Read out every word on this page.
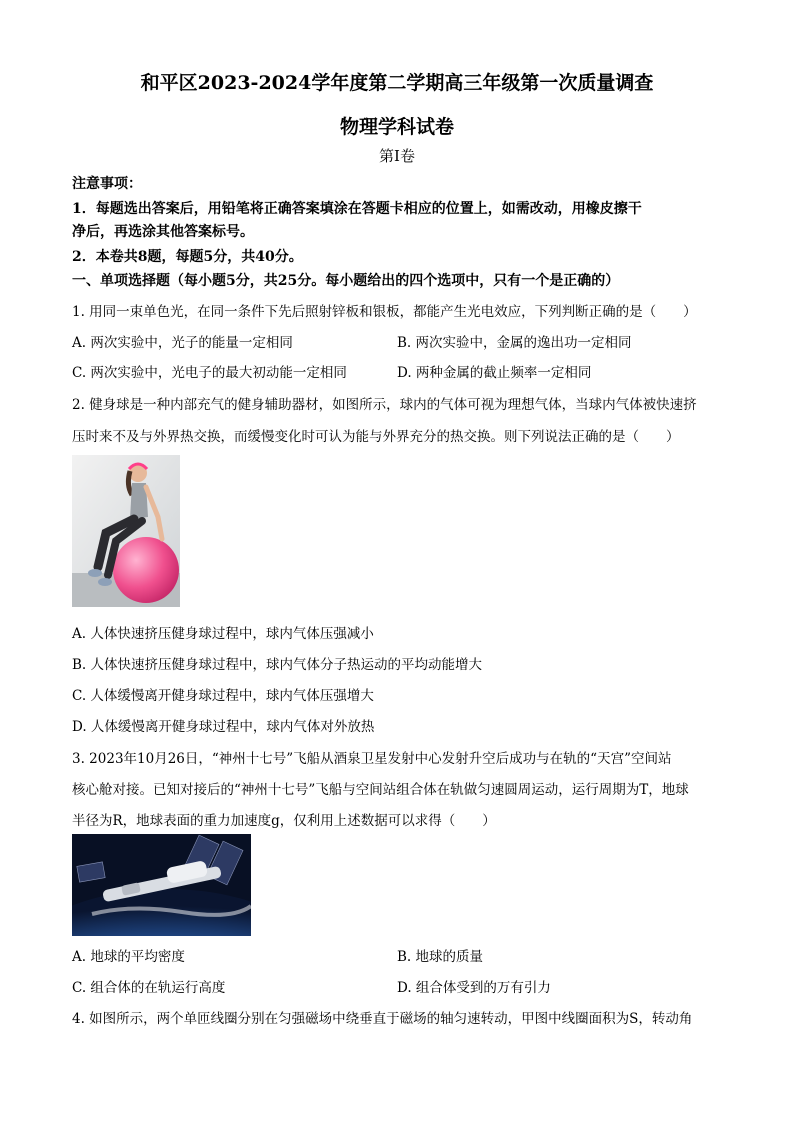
和平区2023-2024学年度第二学期高三年级第一次质量调查
物理学科试卷
第Ⅰ卷
注意事项：
1．每题选出答案后，用铅笔将正确答案填涂在答题卡相应的位置上，如需改动，用橡皮擦干
净后，再选涂其他答案标号。
2．本卷共8题，每题5分，共40分。
一、单项选择题（每小题5分，共25分。每小题给出的四个选项中，只有一个是正确的）
1. 用同一束单色光，在同一条件下先后照射锌板和银板，都能产生光电效应，下列判断正确的是（　　）
A. 两次实验中，光子的能量一定相同	B. 两次实验中，金属的逸出功一定相同
C. 两次实验中，光电子的最大初动能一定相同	D. 两种金属的截止频率一定相同
2. 健身球是一种内部充气的健身辅助器材，如图所示，球内的气体可视为理想气体，当球内气体被快速挤
压时来不及与外界热交换，而缓慢变化时可认为能与外界充分的热交换。则下列说法正确的是（　　）
A. 人体快速挤压健身球过程中，球内气体压强减小
B. 人体快速挤压健身球过程中，球内气体分子热运动的平均动能增大
C. 人体缓慢离开健身球过程中，球内气体压强增大
D. 人体缓慢离开健身球过程中，球内气体对外放热
3. 2023年10月26日，“神州十七号”飞船从酒泉卫星发射中心发射升空后成功与在轨的“天宫”空间站
核心舱对接。已知对接后的“神州十七号”飞船与空间站组合体在轨做匀速圆周运动，运行周期为T，地球
半径为R，地球表面的重力加速度g，仅利用上述数据可以求得（　　）
A. 地球的平均密度	B. 地球的质量
C. 组合体的在轨运行高度	D. 组合体受到的万有引力
4. 如图所示，两个单匝线圈分别在匀强磁场中绕垂直于磁场的轴匀速转动，甲图中线圈面积为S，转动角
